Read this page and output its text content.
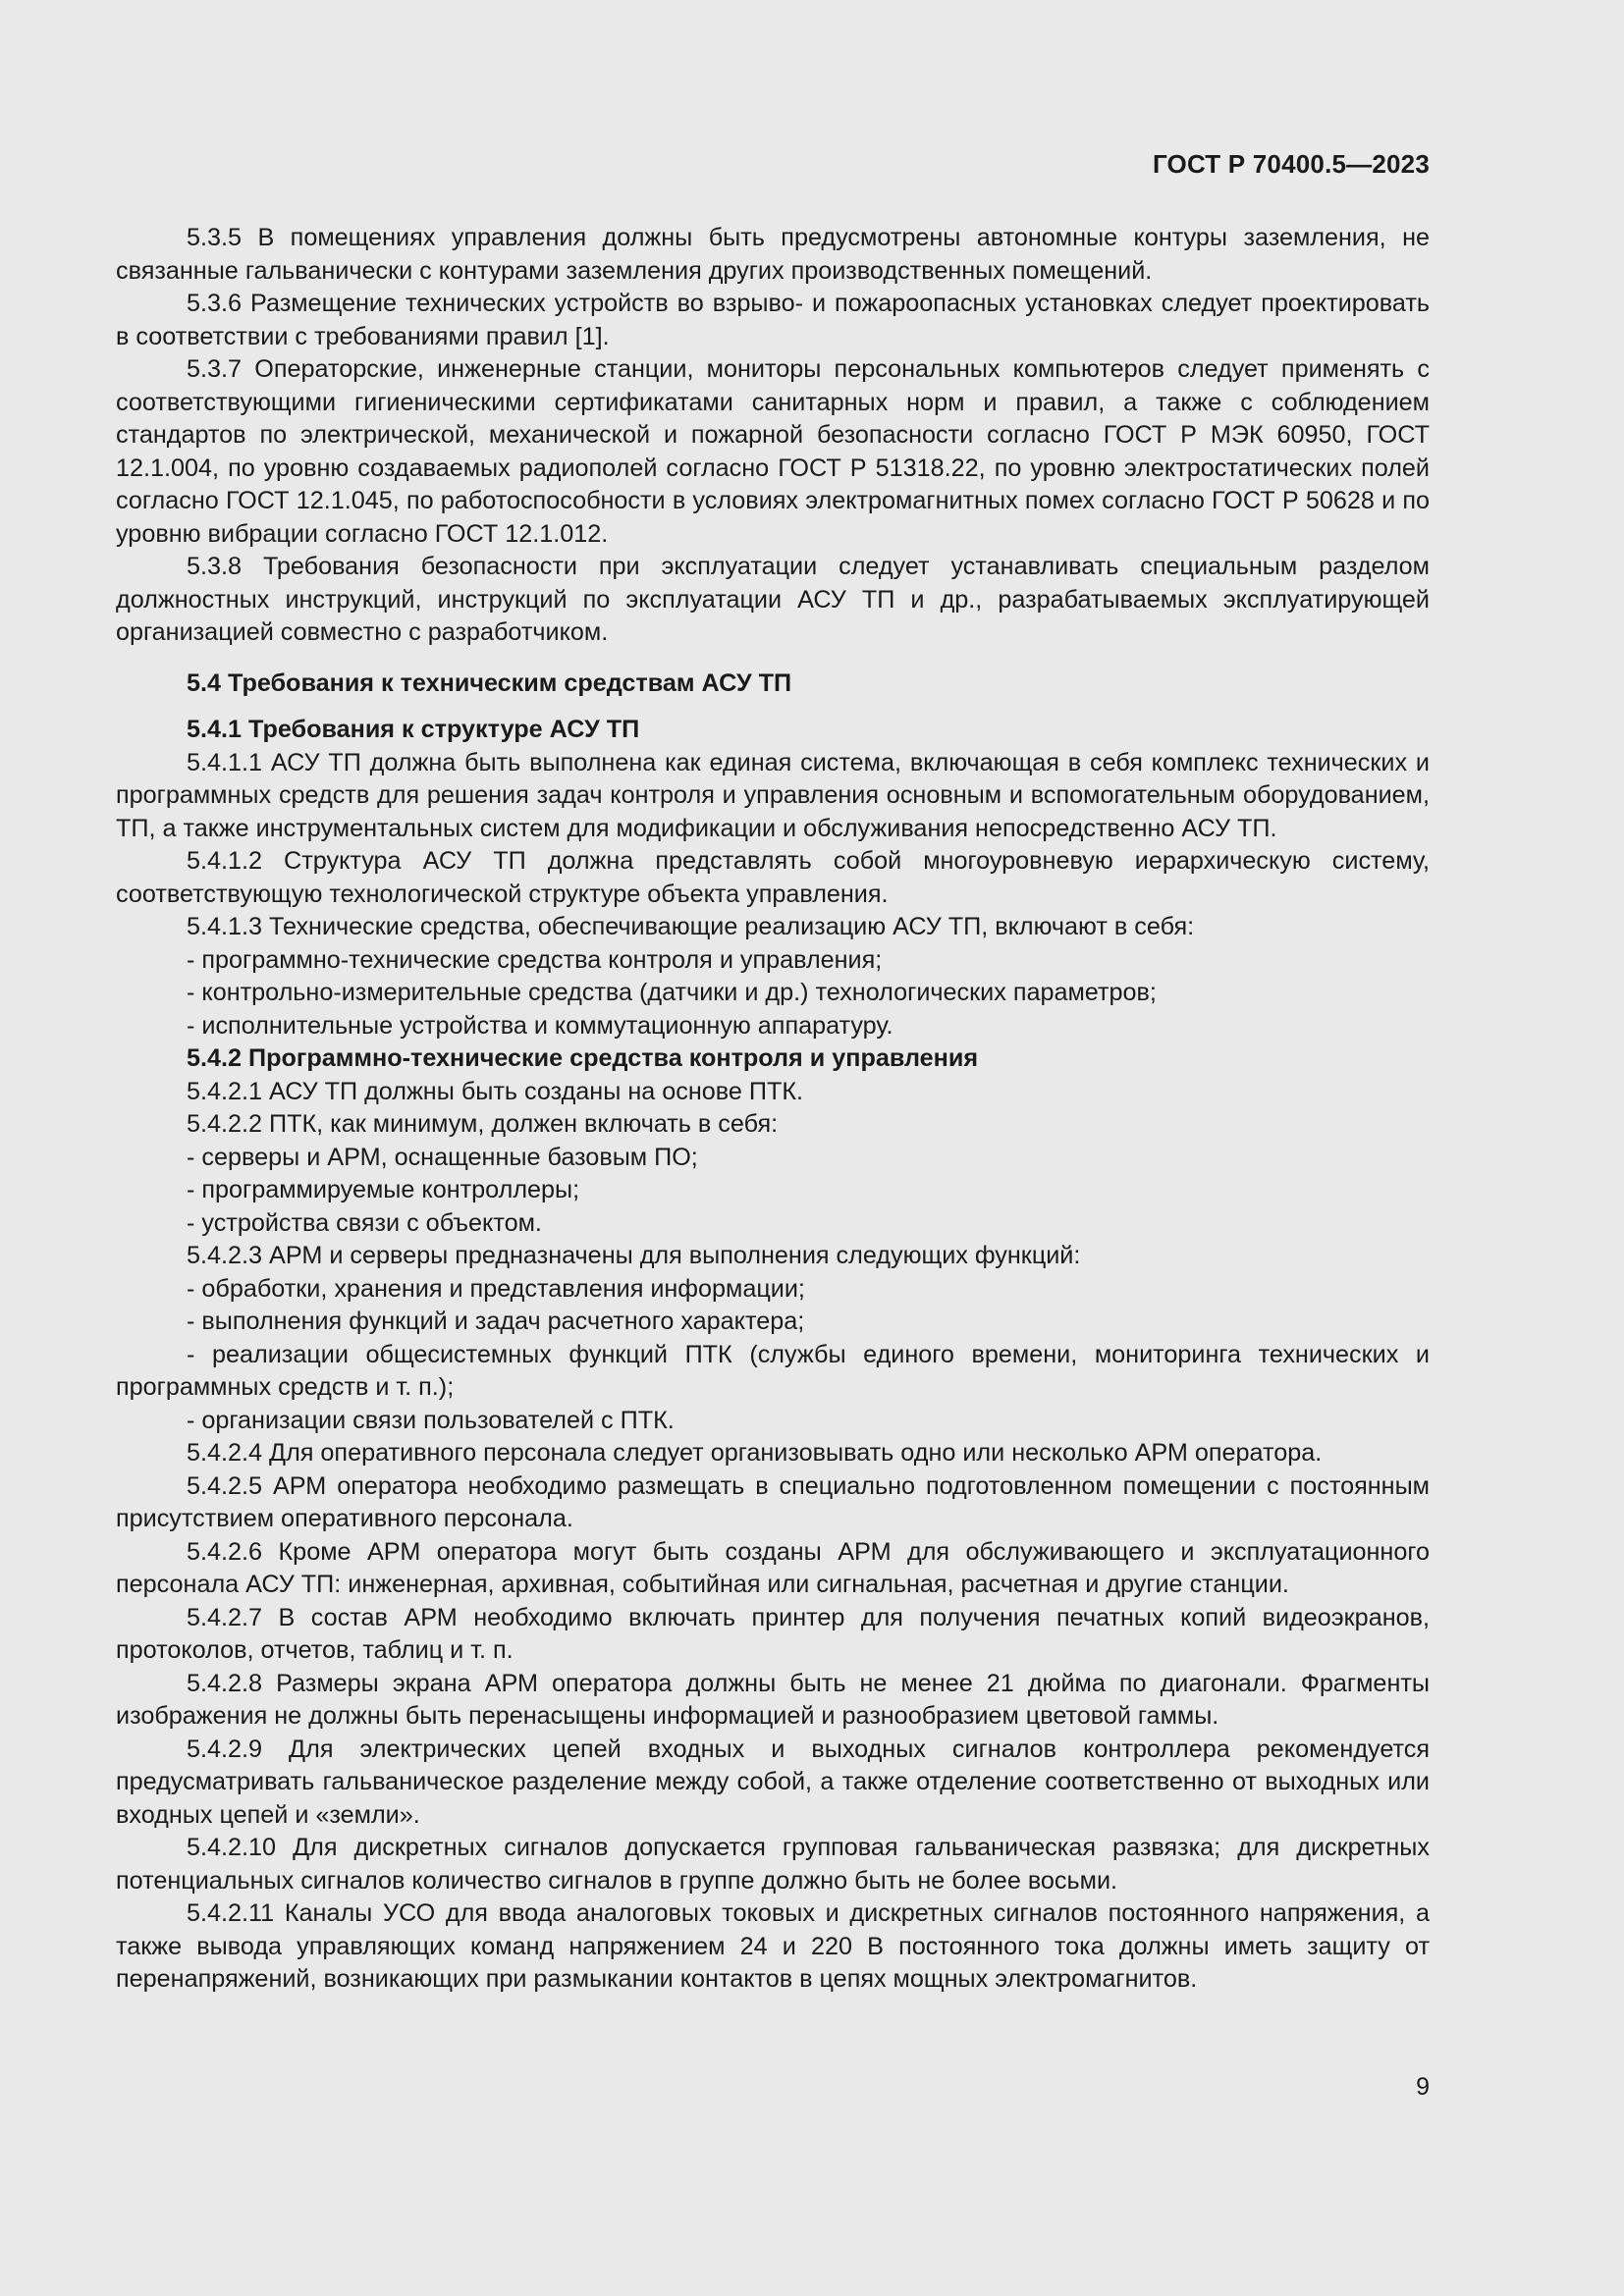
ГОСТ Р 70400.5—2023

5.3.5 В помещениях управления должны быть предусмотрены автономные контуры заземления, не связанные гальванически с контурами заземления других производственных помещений.

5.3.6 Размещение технических устройств во взрыво- и пожароопасных установках следует проектировать в соответствии с требованиями правил [1].

5.3.7 Операторские, инженерные станции, мониторы персональных компьютеров следует применять с соответствующими гигиеническими сертификатами санитарных норм и правил, а также с соблюдением стандартов по электрической, механической и пожарной безопасности согласно ГОСТ Р МЭК 60950, ГОСТ 12.1.004, по уровню создаваемых радиополей согласно ГОСТ Р 51318.22, по уровню электростатических полей согласно ГОСТ 12.1.045, по работоспособности в условиях электромагнитных помех согласно ГОСТ Р 50628 и по уровню вибрации согласно ГОСТ 12.1.012.

5.3.8 Требования безопасности при эксплуатации следует устанавливать специальным разделом должностных инструкций, инструкций по эксплуатации АСУ ТП и др., разрабатываемых эксплуатирующей организацией совместно с разработчиком.

5.4 Требования к техническим средствам АСУ ТП

5.4.1 Требования к структуре АСУ ТП

5.4.1.1 АСУ ТП должна быть выполнена как единая система, включающая в себя комплекс технических и программных средств для решения задач контроля и управления основным и вспомогательным оборудованием, ТП, а также инструментальных систем для модификации и обслуживания непосредственно АСУ ТП.

5.4.1.2 Структура АСУ ТП должна представлять собой многоуровневую иерархическую систему, соответствующую технологической структуре объекта управления.

5.4.1.3 Технические средства, обеспечивающие реализацию АСУ ТП, включают в себя:

- программно-технические средства контроля и управления;

- контрольно-измерительные средства (датчики и др.) технологических параметров;

- исполнительные устройства и коммутационную аппаратуру.

5.4.2 Программно-технические средства контроля и управления

5.4.2.1 АСУ ТП должны быть созданы на основе ПТК.

5.4.2.2 ПТК, как минимум, должен включать в себя:

- серверы и АРМ, оснащенные базовым ПО;

- программируемые контроллеры;

- устройства связи с объектом.

5.4.2.3 АРМ и серверы предназначены для выполнения следующих функций:

- обработки, хранения и представления информации;

- выполнения функций и задач расчетного характера;

- реализации общесистемных функций ПТК (службы единого времени, мониторинга технических и программных средств и т. п.);

- организации связи пользователей с ПТК.

5.4.2.4 Для оперативного персонала следует организовывать одно или несколько АРМ оператора.

5.4.2.5 АРМ оператора необходимо размещать в специально подготовленном помещении с постоянным присутствием оперативного персонала.

5.4.2.6 Кроме АРМ оператора могут быть созданы АРМ для обслуживающего и эксплуатационного персонала АСУ ТП: инженерная, архивная, событийная или сигнальная, расчетная и другие станции.

5.4.2.7 В состав АРМ необходимо включать принтер для получения печатных копий видеоэкранов, протоколов, отчетов, таблиц и т. п.

5.4.2.8 Размеры экрана АРМ оператора должны быть не менее 21 дюйма по диагонали. Фрагменты изображения не должны быть перенасыщены информацией и разнообразием цветовой гаммы.

5.4.2.9 Для электрических цепей входных и выходных сигналов контроллера рекомендуется предусматривать гальваническое разделение между собой, а также отделение соответственно от выходных или входных цепей и «земли».

5.4.2.10 Для дискретных сигналов допускается групповая гальваническая развязка; для дискретных потенциальных сигналов количество сигналов в группе должно быть не более восьми.

5.4.2.11 Каналы УСО для ввода аналоговых токовых и дискретных сигналов постоянного напряжения, а также вывода управляющих команд напряжением 24 и 220 В постоянного тока должны иметь защиту от перенапряжений, возникающих при размыкании контактов в цепях мощных электромагнитов.

9
